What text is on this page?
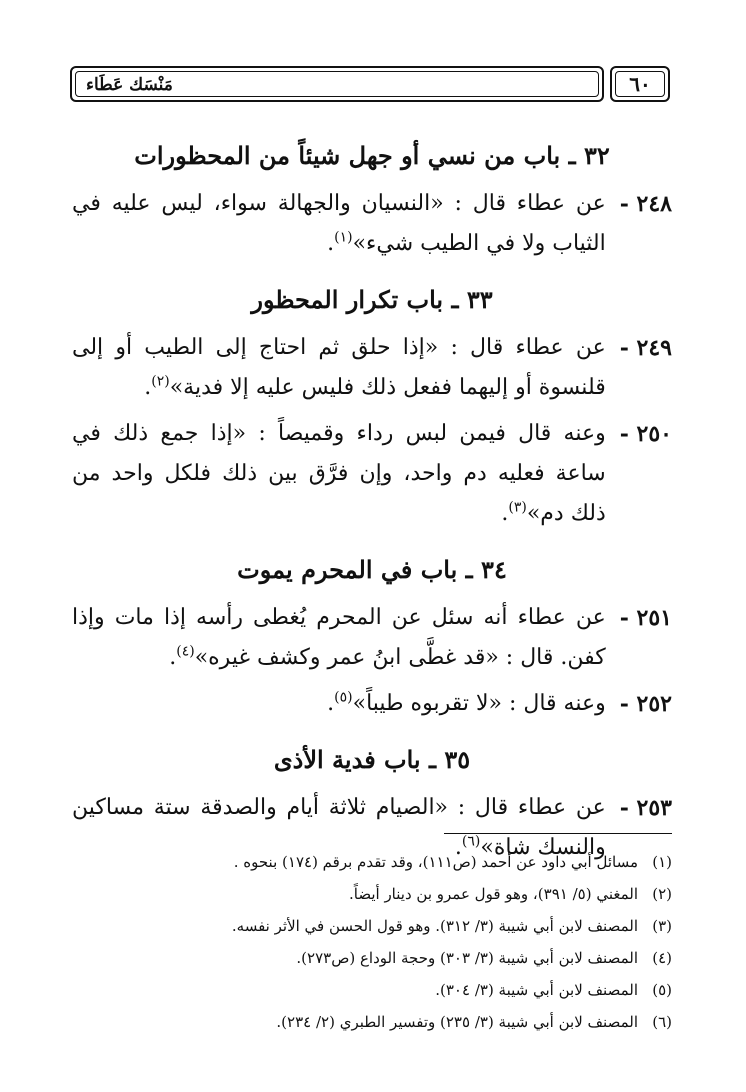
مَنْسَك عَطَاء	٦٠
٣٢ ـ باب من نسي أو جهل شيئاً من المحظورات
٢٤٨ -
عن عطاء قال : «النسيان والجهالة سواء، ليس عليه في الثياب ولا في الطيب شيء»$^{(١)}$.
٣٣ ـ باب تكرار المحظور
٢٤٩ -
عن عطاء قال : «إذا حلق ثم احتاج إلى الطيب أو إلى قلنسوة أو إليهما ففعل ذلك فليس عليه إلا فدية»$^{(٢)}$.
٢٥٠ -
وعنه قال فيمن لبس رداء وقميصاً : «إذا جمع ذلك في ساعة فعليه دم واحد، وإن فرَّق بين ذلك فلكل واحد من ذلك دم»$^{(٣)}$.
٣٤ ـ باب في المحرم يموت
٢٥١ -
عن عطاء أنه سئل عن المحرم يُغطى رأسه إذا مات وإذا كفن. قال : «قد غطَّى ابنُ عمر وكشف غيره»$^{(٤)}$.
٢٥٢ -
وعنه قال : «لا تقربوه طيباً»$^{(٥)}$.
٣٥ ـ باب فدية الأذى
٢٥٣ -
عن عطاء قال : «الصيام ثلاثة أيام والصدقة ستة مساكين والنسك شاة»$^{(٦)}$.
(١)
مسائل أبي داود عن أحمد (ص١١١)، وقد تقدم برقم (١٧٤) بنحوه .
(٢)
المغني (٥/ ٣٩١)، وهو قول عمرو بن دينار أيضاً.
(٣)
المصنف لابن أبي شيبة (٣/ ٣١٢). وهو قول الحسن في الأثر نفسه.
(٤)
المصنف لابن أبي شيبة (٣/ ٣٠٣) وحجة الوداع (ص٢٧٣).
(٥)
المصنف لابن أبي شيبة (٣/ ٣٠٤).
(٦)
المصنف لابن أبي شيبة (٣/ ٢٣٥) وتفسير الطبري (٢/ ٢٣٤).
